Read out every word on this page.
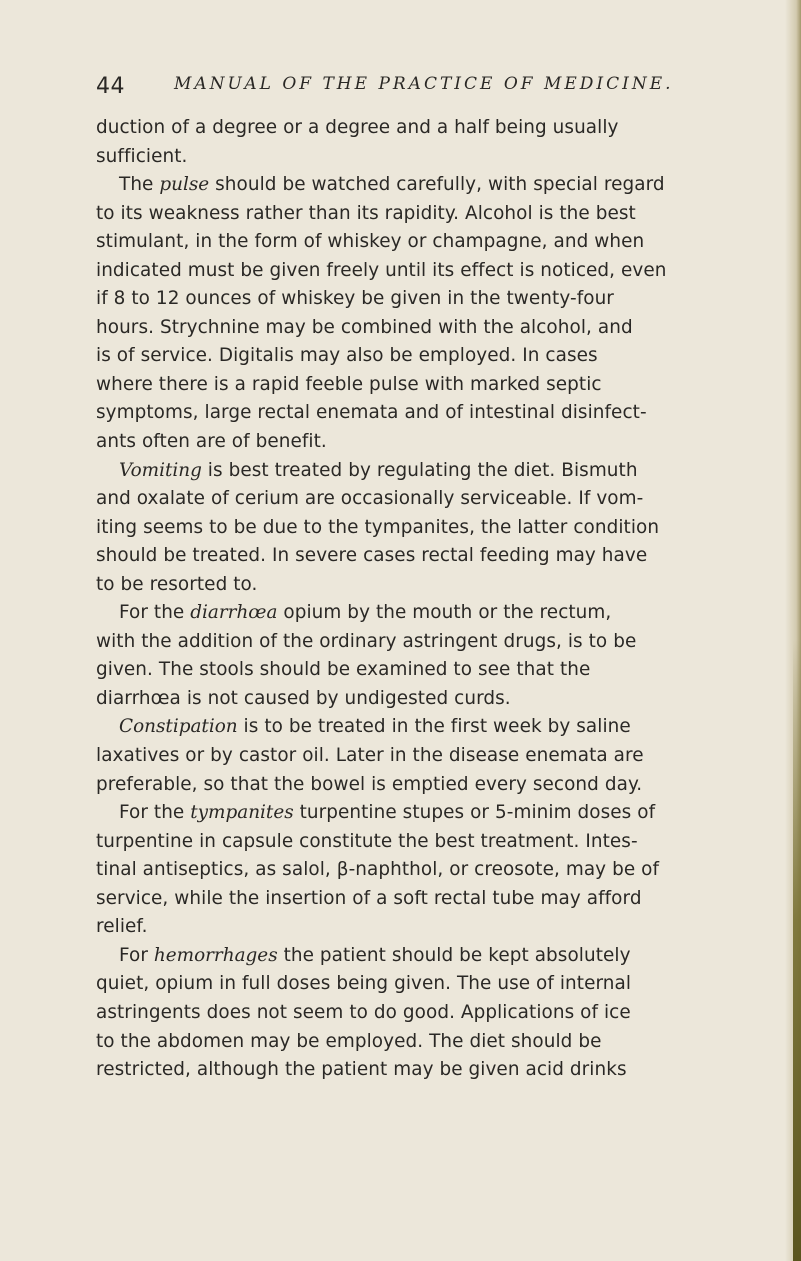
44	MANUAL OF THE PRACTICE OF MEDICINE.
duction of a degree or a degree and a half being usually
sufficient.
The pulse should be watched carefully, with special regard
to its weakness rather than its rapidity. Alcohol is the best
stimulant, in the form of whiskey or champagne, and when
indicated must be given freely until its effect is noticed, even
if 8 to 12 ounces of whiskey be given in the twenty-four
hours. Strychnine may be combined with the alcohol, and
is of service. Digitalis may also be employed. In cases
where there is a rapid feeble pulse with marked septic
symptoms, large rectal enemata and of intestinal disinfect-
ants often are of benefit.
Vomiting is best treated by regulating the diet. Bismuth
and oxalate of cerium are occasionally serviceable. If vom-
iting seems to be due to the tympanites, the latter condition
should be treated. In severe cases rectal feeding may have
to be resorted to.
For the diarrhœa opium by the mouth or the rectum,
with the addition of the ordinary astringent drugs, is to be
given. The stools should be examined to see that the
diarrhœa is not caused by undigested curds.
Constipation is to be treated in the first week by saline
laxatives or by castor oil. Later in the disease enemata are
preferable, so that the bowel is emptied every second day.
For the tympanites turpentine stupes or 5-minim doses of
turpentine in capsule constitute the best treatment. Intes-
tinal antiseptics, as salol, β-naphthol, or creosote, may be of
service, while the insertion of a soft rectal tube may afford
relief.
For hemorrhages the patient should be kept absolutely
quiet, opium in full doses being given. The use of internal
astringents does not seem to do good. Applications of ice
to the abdomen may be employed. The diet should be
restricted, although the patient may be given acid drinks
